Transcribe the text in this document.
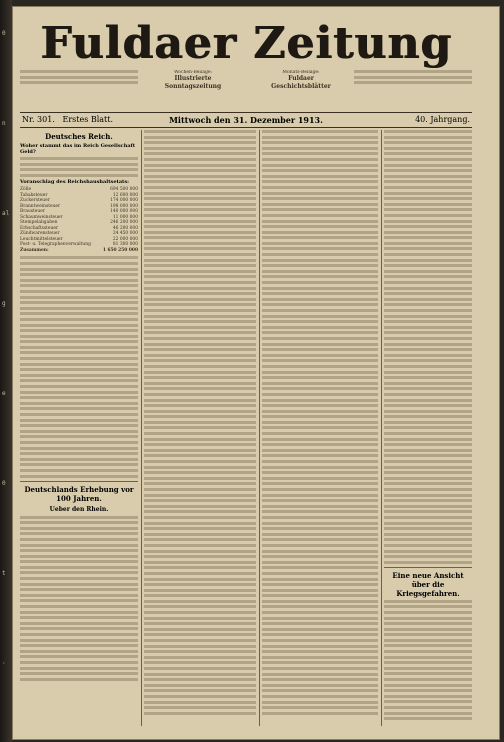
0
n
al
g
e
0
t
·
Fuldaer Zeitung
Wochen-Beilage:
Illustrierte Sonntagszeitung
Monats-Beilage:
Fuldaer Geschichtsblätter
Nr. 301. Erstes Blatt.	Mittwoch den 31. Dezember 1913.	40. Jahrgang.
Deutsches Reich.
Woher stammt das im Reich Gesellschaft Geld?
Voranschlag des Reichshaushaltsetats:
Zölle	694 500 000
Tabaksteuer	12 600 000
Zuckersteuer	174 000 000
Branntweinsteuer	198 000 000
Brausteuer	140 000 000
Schaumweinsteuer	11 000 000
Stempelabgaben	246 200 000
Erbschaftssteuer	46 200 000
Zündwarensteuer	24 450 000
Leuchtmittelsteuer	22 000 000
Post- u. Telegraphenverwaltung	81 300 000
Zusammen:	1 650 250 000
Deutschlands Erhebung vor 100 Jahren.
Ueber den Rhein.
Eine neue Ansicht über die Kriegsgefahren.
